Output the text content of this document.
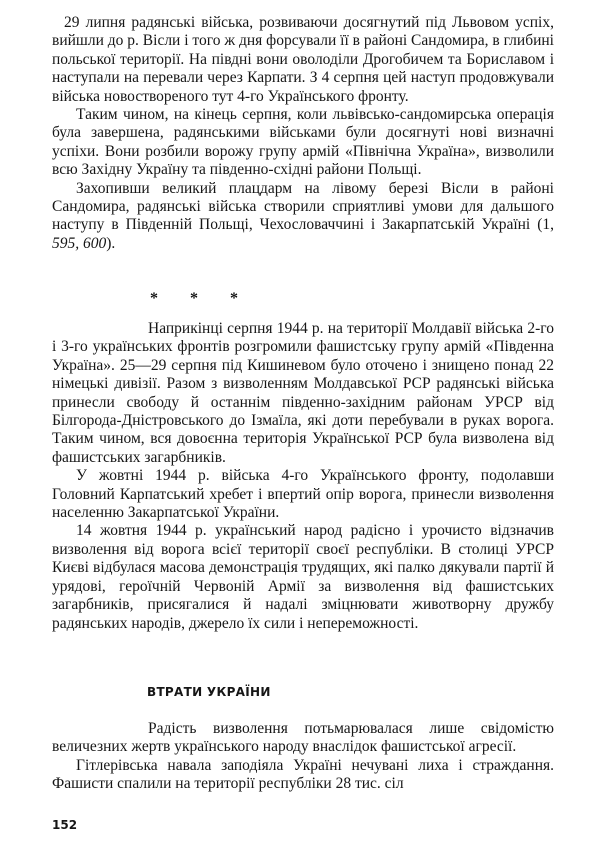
29 липня радянські війська, розвиваючи досягнутий під Львовом успіх, вийшли до р. Вісли і того ж дня форсували її в районі Сандомира, в глибині польської території. На півдні вони оволоділи Дрогобичем та Бориславом і наступали на перевали через Карпати. З 4 серпня цей наступ продовжували війська новоствореного тут 4-го Українського фронту.

Таким чином, на кінець серпня, коли львівсько-сандомирська операція була завершена, радянськими військами були досягнуті нові визначні успіхи. Вони розбили ворожу групу армій «Північна Україна», визволили всю Західну Україну та південно-східні райони Польщі.

Захопивши великий плацдарм на лівому березі Вісли в районі Сандомира, радянські війська створили сприятливі умови для дальшого наступу в Південній Польщі, Чехословаччині і Закарпатській Україні (1, 595, 600).

* * *

Наприкінці серпня 1944 р. на території Молдавії війська 2-го і 3-го українських фронтів розгромили фашистську групу армій «Південна Україна». 25—29 серпня під Кишиневом було оточено і знищено понад 22 німецькі дивізії. Разом з визволенням Молдавської РСР радянські війська принесли свободу й останнім південно-західним районам УРСР від Білгорода-Дністровського до Ізмаїла, які доти перебували в руках ворога. Таким чином, вся довоєнна територія Української РСР була визволена від фашистських загарбників.

У жовтні 1944 р. війська 4-го Українського фронту, подолавши Головний Карпатський хребет і впертий опір ворога, принесли визволення населенню Закарпатської України.

14 жовтня 1944 р. український народ радісно і урочисто відзначив визволення від ворога всієї території своєї республіки. В столиці УРСР Києві відбулася масова демонстрація трудящих, які палко дякували партії й урядові, героїчній Червоній Армії за визволення від фашистських загарбників, присягалися й надалі зміцнювати животворну дружбу радянських народів, джерело їх сили і непереможності.

ВТРАТИ УКРАЇНИ

Радість визволення потьмарювалася лише свідомістю величезних жертв українського народу внаслідок фашистської агресії.

Гітлерівська навала заподіяла Україні нечувані лиха і страждання. Фашисти спалили на території республіки 28 тис. сіл

152
